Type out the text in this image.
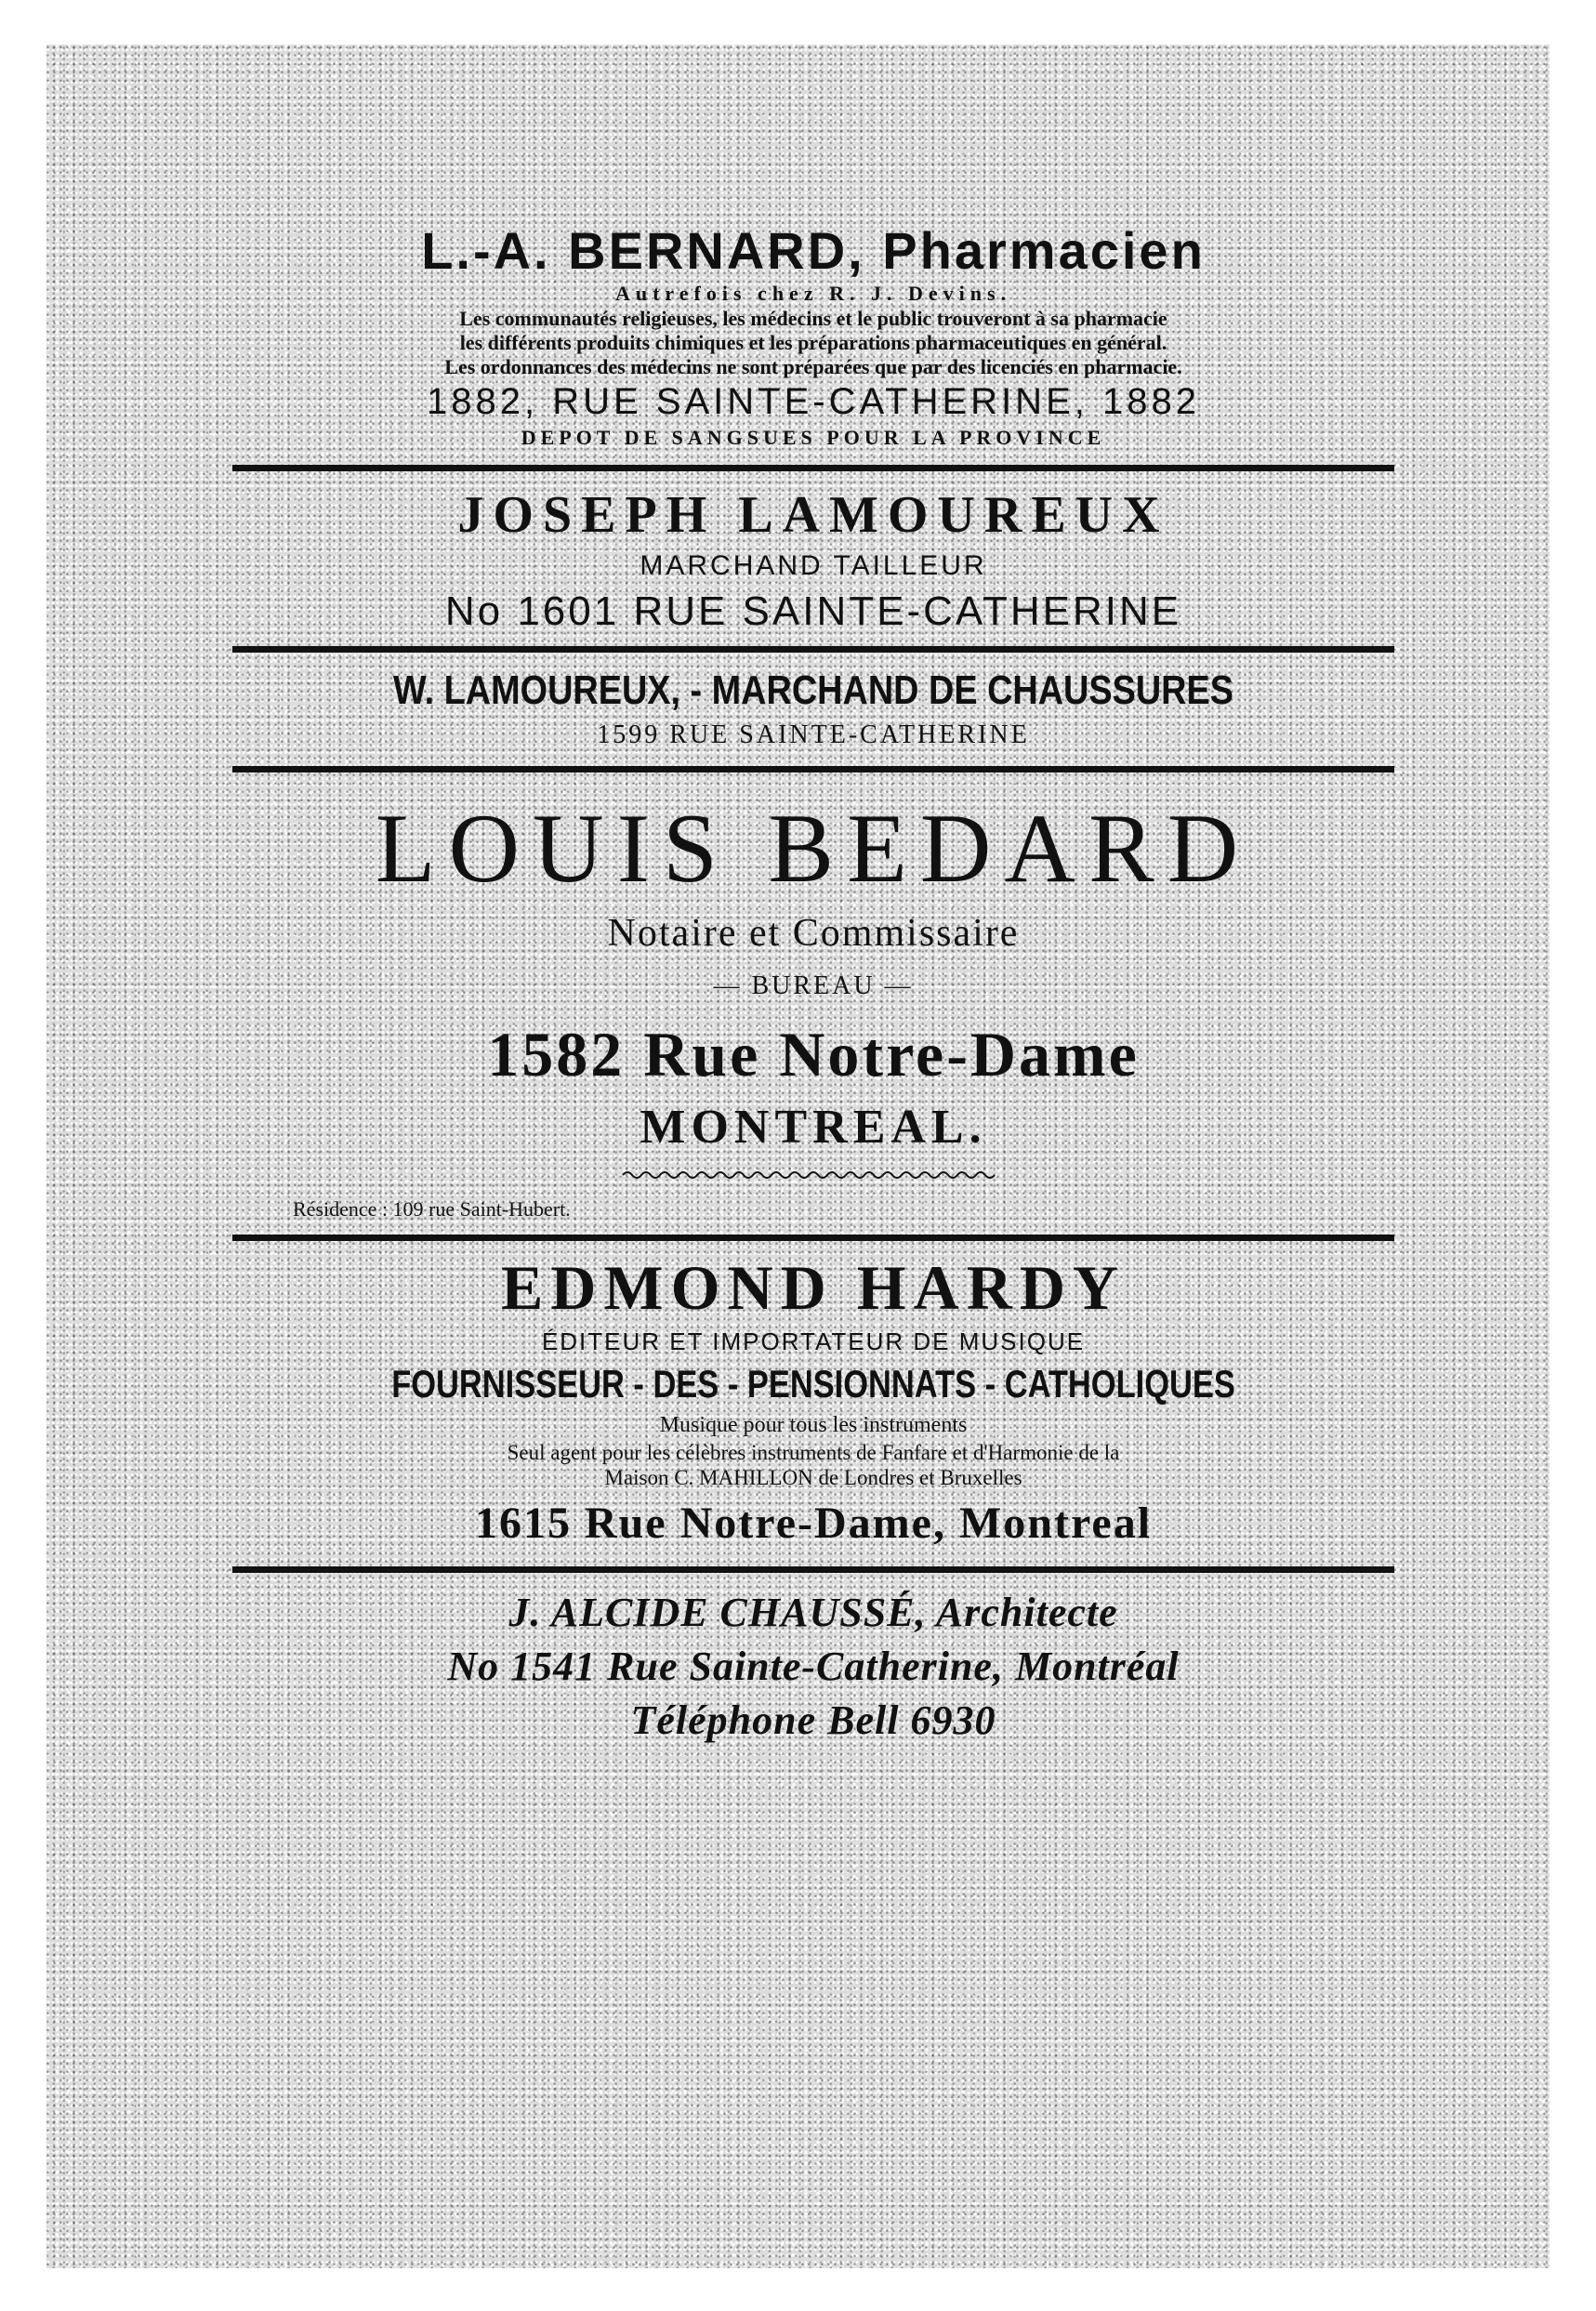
L.-A. BERNARD, Pharmacien
Autrefois chez R. J. Devins.
Les communautés religieuses, les médecins et le public trouveront à sa pharmacie
les différents produits chimiques et les préparations pharmaceutiques en général.
Les ordonnances des médecins ne sont préparées que par des licenciés en pharmacie.
1882, RUE SAINTE-CATHERINE, 1882
DEPOT DE SANGSUES POUR LA PROVINCE
JOSEPH LAMOUREUX
MARCHAND TAILLEUR
No 1601 RUE SAINTE-CATHERINE
W. LAMOUREUX, - MARCHAND DE CHAUSSURES
1599 RUE SAINTE-CATHERINE
LOUIS BEDARD
Notaire et Commissaire
— BUREAU —
1582 Rue Notre-Dame
MONTREAL.
Résidence : 109 rue Saint-Hubert.
EDMOND HARDY
ÉDITEUR ET IMPORTATEUR DE MUSIQUE
FOURNISSEUR - DES - PENSIONNATS - CATHOLIQUES
Musique pour tous les instruments
Seul agent pour les célèbres instruments de Fanfare et d'Harmonie de la
Maison C. MAHILLON de Londres et Bruxelles
1615 Rue Notre-Dame, Montreal
J. ALCIDE CHAUSSÉ, Architecte
No 1541 Rue Sainte-Catherine, Montréal
Téléphone Bell 6930
